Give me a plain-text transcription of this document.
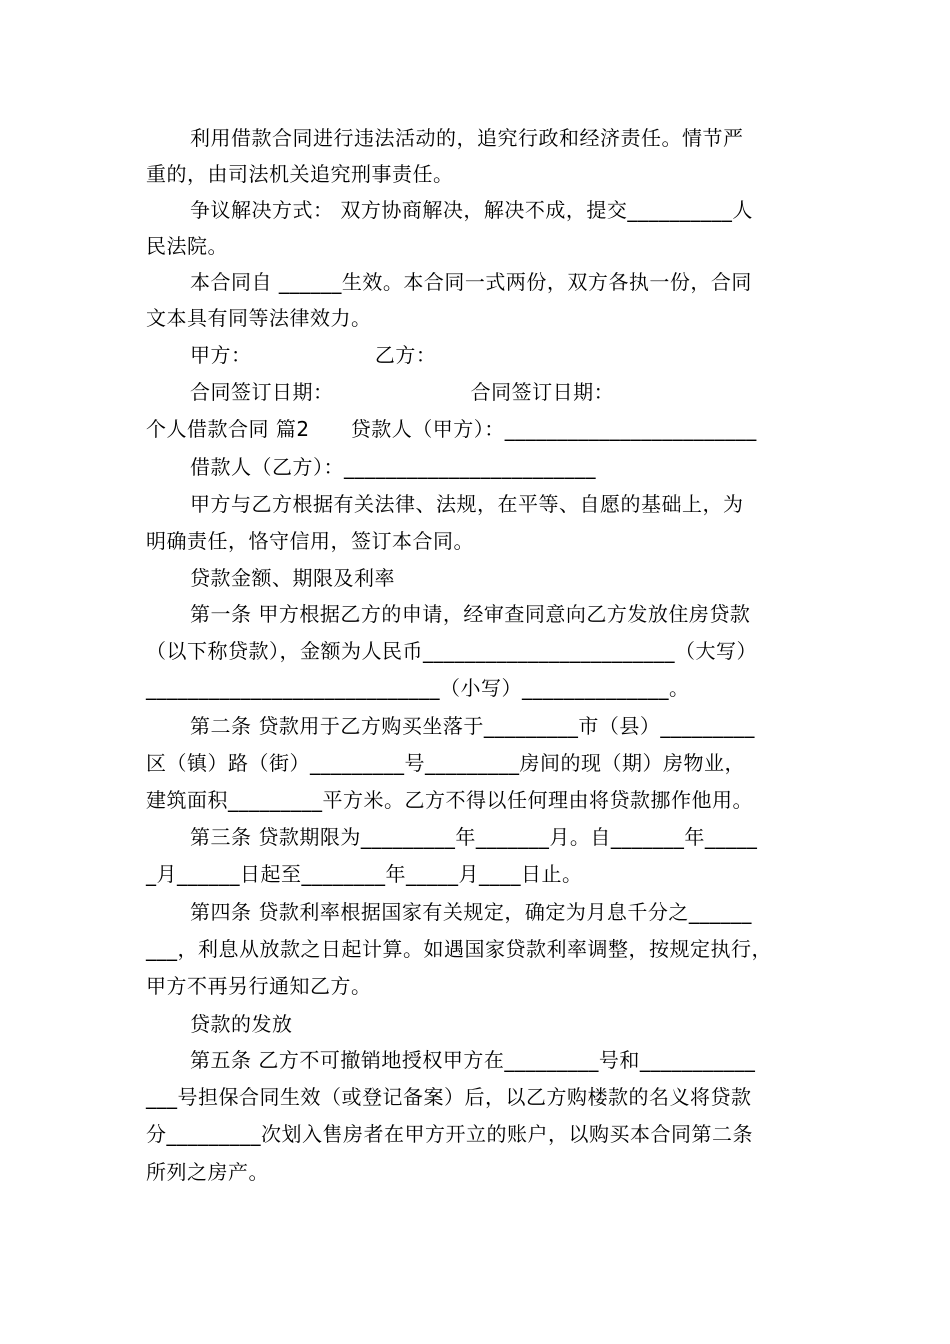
利用借款合同进行违法活动的，追究行政和经济责任。情节严
重的，由司法机关追究刑事责任。
争议解决方式： 双方协商解决，解决不成，提交__________人
民法院。
本合同自 ______生效。本合同一式两份，双方各执一份，合同
文本具有同等法律效力。
甲方：                  乙方：
合同签订日期：                    合同签订日期：
个人借款合同 篇2      贷款人（甲方）：________________________
借款人（乙方）：________________________
甲方与乙方根据有关法律、法规，在平等、自愿的基础上，为
明确责任，恪守信用，签订本合同。
贷款金额、期限及利率
第一条 甲方根据乙方的申请，经审查同意向乙方发放住房贷款
（以下称贷款），金额为人民币________________________（大写）
____________________________（小写）______________。
第二条 贷款用于乙方购买坐落于_________市（县）_________
区（镇）路（街）_________号_________房间的现（期）房物业，
建筑面积_________平方米。乙方不得以任何理由将贷款挪作他用。
第三条 贷款期限为_________年_______月。自_______年_____
_月______日起至________年_____月____日止。
第四条 贷款利率根据国家有关规定，确定为月息千分之______
___，利息从放款之日起计算。如遇国家贷款利率调整，按规定执行，
甲方不再另行通知乙方。
贷款的发放
第五条 乙方不可撤销地授权甲方在_________号和___________
___号担保合同生效（或登记备案）后，以乙方购楼款的名义将贷款
分_________次划入售房者在甲方开立的账户，以购买本合同第二条
所列之房产。
